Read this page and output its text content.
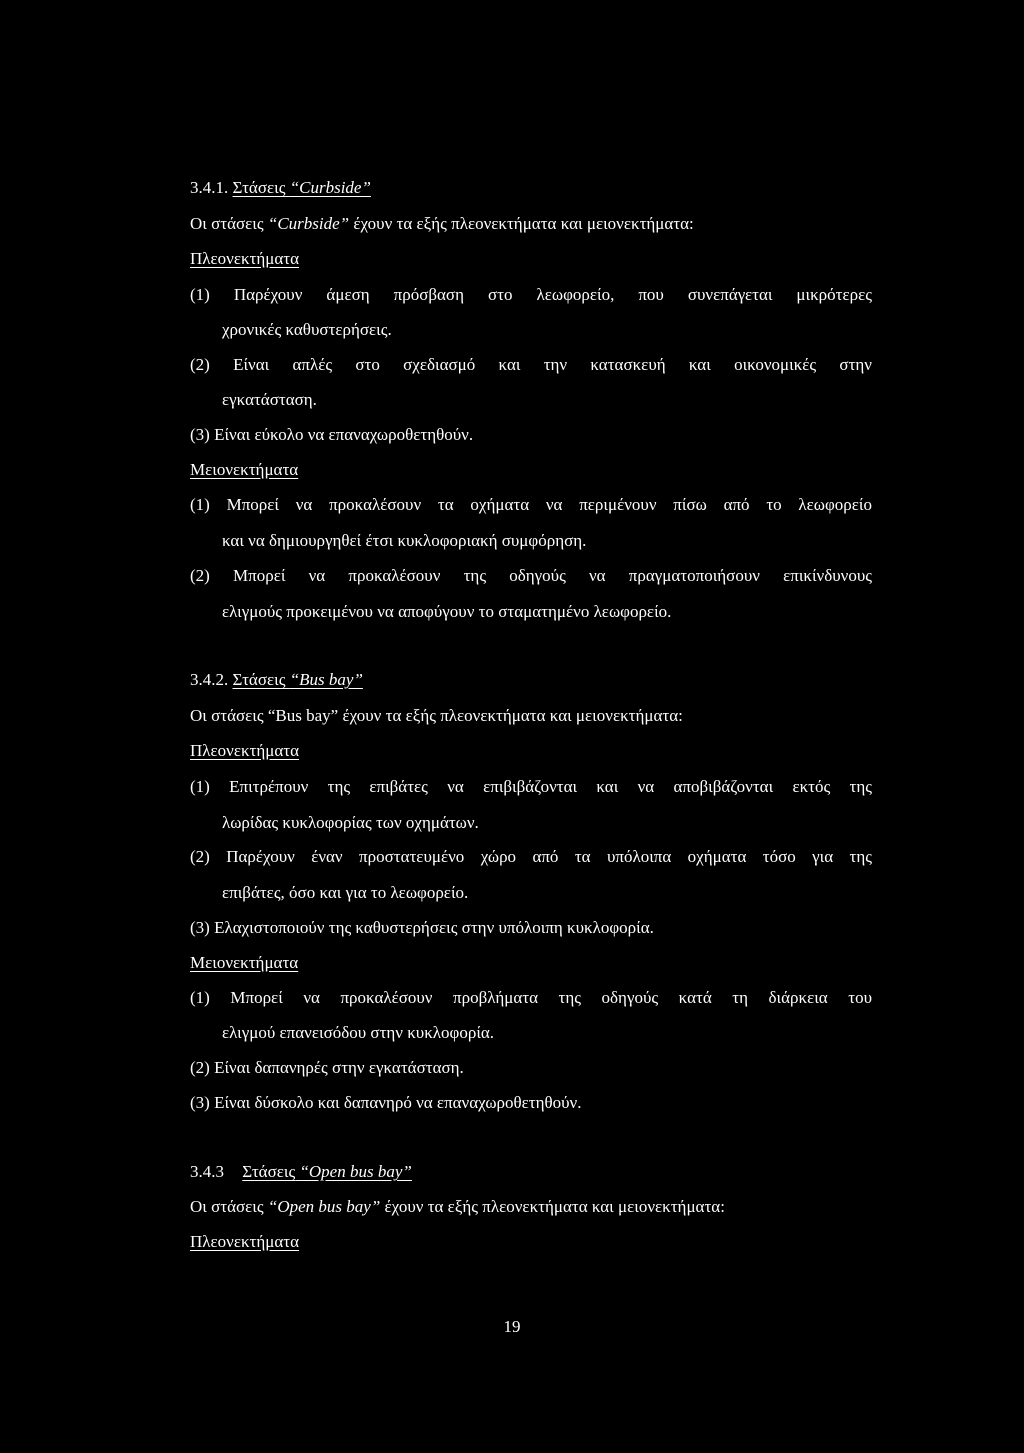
3.4.1. Στάσεις “Curbside”
Οι στάσεις “Curbside” έχουν τα εξής πλεονεκτήματα και μειονεκτήματα:
Πλεονεκτήματα
(1) Παρέχουν άμεση πρόσβαση στο λεωφορείο, που συνεπάγεται μικρότερες
χρονικές καθυστερήσεις.
(2) Είναι απλές στο σχεδιασμό και την κατασκευή και οικονομικές στην
εγκατάσταση.
(3) Είναι εύκολο να επαναχωροθετηθούν.
Μειονεκτήματα
(1) Μπορεί να προκαλέσουν τα οχήματα να περιμένουν πίσω από το λεωφορείο
και να δημιουργηθεί έτσι κυκλοφοριακή συμφόρηση.
(2) Μπορεί να προκαλέσουν της οδηγούς να πραγματοποιήσουν επικίνδυνους
ελιγμούς προκειμένου να αποφύγουν το σταματημένο λεωφορείο.
3.4.2. Στάσεις “Bus bay”
Οι στάσεις “Bus bay” έχουν τα εξής πλεονεκτήματα και μειονεκτήματα:
Πλεονεκτήματα
(1) Επιτρέπουν της επιβάτες να επιβιβάζονται και να αποβιβάζονται εκτός της
λωρίδας κυκλοφορίας των οχημάτων.
(2) Παρέχουν έναν προστατευμένο χώρο από τα υπόλοιπα οχήματα τόσο για της
επιβάτες, όσο και για το λεωφορείο.
(3) Ελαχιστοποιούν της καθυστερήσεις στην υπόλοιπη κυκλοφορία.
Μειονεκτήματα
(1) Μπορεί να προκαλέσουν προβλήματα της οδηγούς κατά τη διάρκεια του
ελιγμού επανεισόδου στην κυκλοφορία.
(2) Είναι δαπανηρές στην εγκατάσταση.
(3) Είναι δύσκολο και δαπανηρό να επαναχωροθετηθούν.
3.4.3 Στάσεις “Open bus bay”
Οι στάσεις “Open bus bay” έχουν τα εξής πλεονεκτήματα και μειονεκτήματα:
Πλεονεκτήματα
19
